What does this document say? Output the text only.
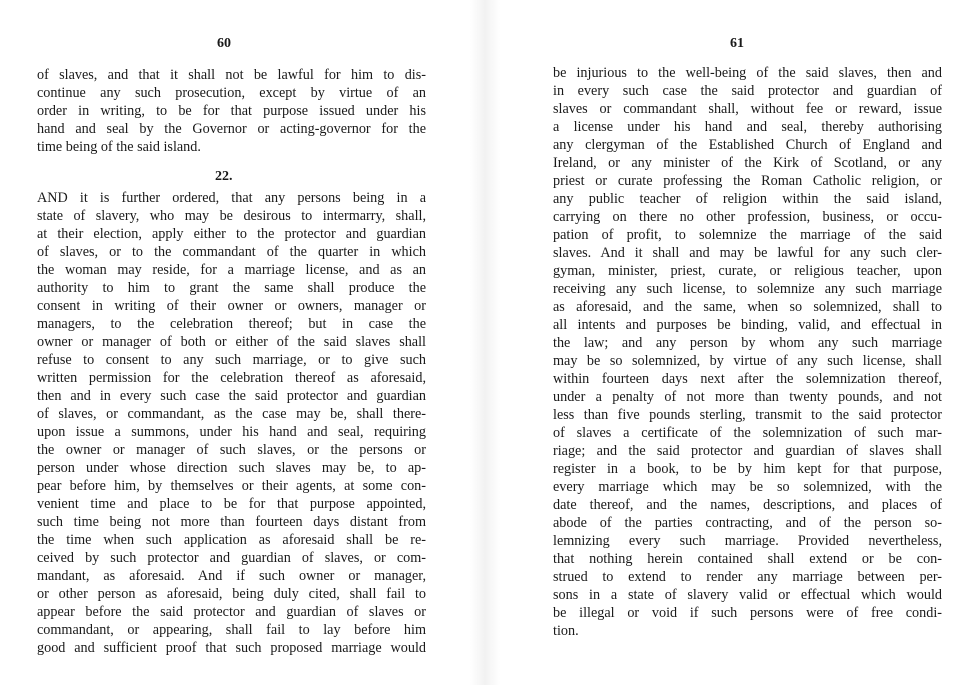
60
of slaves, and that it shall not be lawful for him to dis-
continue any such prosecution, except by virtue of an
order in writing, to be for that purpose issued under his
hand and seal by the Governor or acting-governor for the
time being of the said island.
22.
AND it is further ordered, that any persons being in a
state of slavery, who may be desirous to intermarry, shall,
at their election, apply either to the protector and guardian
of slaves, or to the commandant of the quarter in which
the woman may reside, for a marriage license, and as an
authority to him to grant the same shall produce the
consent in writing of their owner or owners, manager or
managers, to the celebration thereof; but in case the
owner or manager of both or either of the said slaves shall
refuse to consent to any such marriage, or to give such
written permission for the celebration thereof as aforesaid,
then and in every such case the said protector and guardian
of slaves, or commandant, as the case may be, shall there-
upon issue a summons, under his hand and seal, requiring
the owner or manager of such slaves, or the persons or
person under whose direction such slaves may be, to ap-
pear before him, by themselves or their agents, at some con-
venient time and place to be for that purpose appointed,
such time being not more than fourteen days distant from
the time when such application as aforesaid shall be re-
ceived by such protector and guardian of slaves, or com-
mandant, as aforesaid. And if such owner or manager,
or other person as aforesaid, being duly cited, shall fail to
appear before the said protector and guardian of slaves or
commandant, or appearing, shall fail to lay before him
good and sufficient proof that such proposed marriage would
61
be injurious to the well-being of the said slaves, then and
in every such case the said protector and guardian of
slaves or commandant shall, without fee or reward, issue
a license under his hand and seal, thereby authorising
any clergyman of the Established Church of England and
Ireland, or any minister of the Kirk of Scotland, or any
priest or curate professing the Roman Catholic religion, or
any public teacher of religion within the said island,
carrying on there no other profession, business, or occu-
pation of profit, to solemnize the marriage of the said
slaves. And it shall and may be lawful for any such cler-
gyman, minister, priest, curate, or religious teacher, upon
receiving any such license, to solemnize any such marriage
as aforesaid, and the same, when so solemnized, shall to
all intents and purposes be binding, valid, and effectual in
the law; and any person by whom any such marriage
may be so solemnized, by virtue of any such license, shall
within fourteen days next after the solemnization thereof,
under a penalty of not more than twenty pounds, and not
less than five pounds sterling, transmit to the said protector
of slaves a certificate of the solemnization of such mar-
riage; and the said protector and guardian of slaves shall
register in a book, to be by him kept for that purpose,
every marriage which may be so solemnized, with the
date thereof, and the names, descriptions, and places of
abode of the parties contracting, and of the person so-
lemnizing every such marriage. Provided nevertheless,
that nothing herein contained shall extend or be con-
strued to extend to render any marriage between per-
sons in a state of slavery valid or effectual which would
be illegal or void if such persons were of free condi-
tion.
